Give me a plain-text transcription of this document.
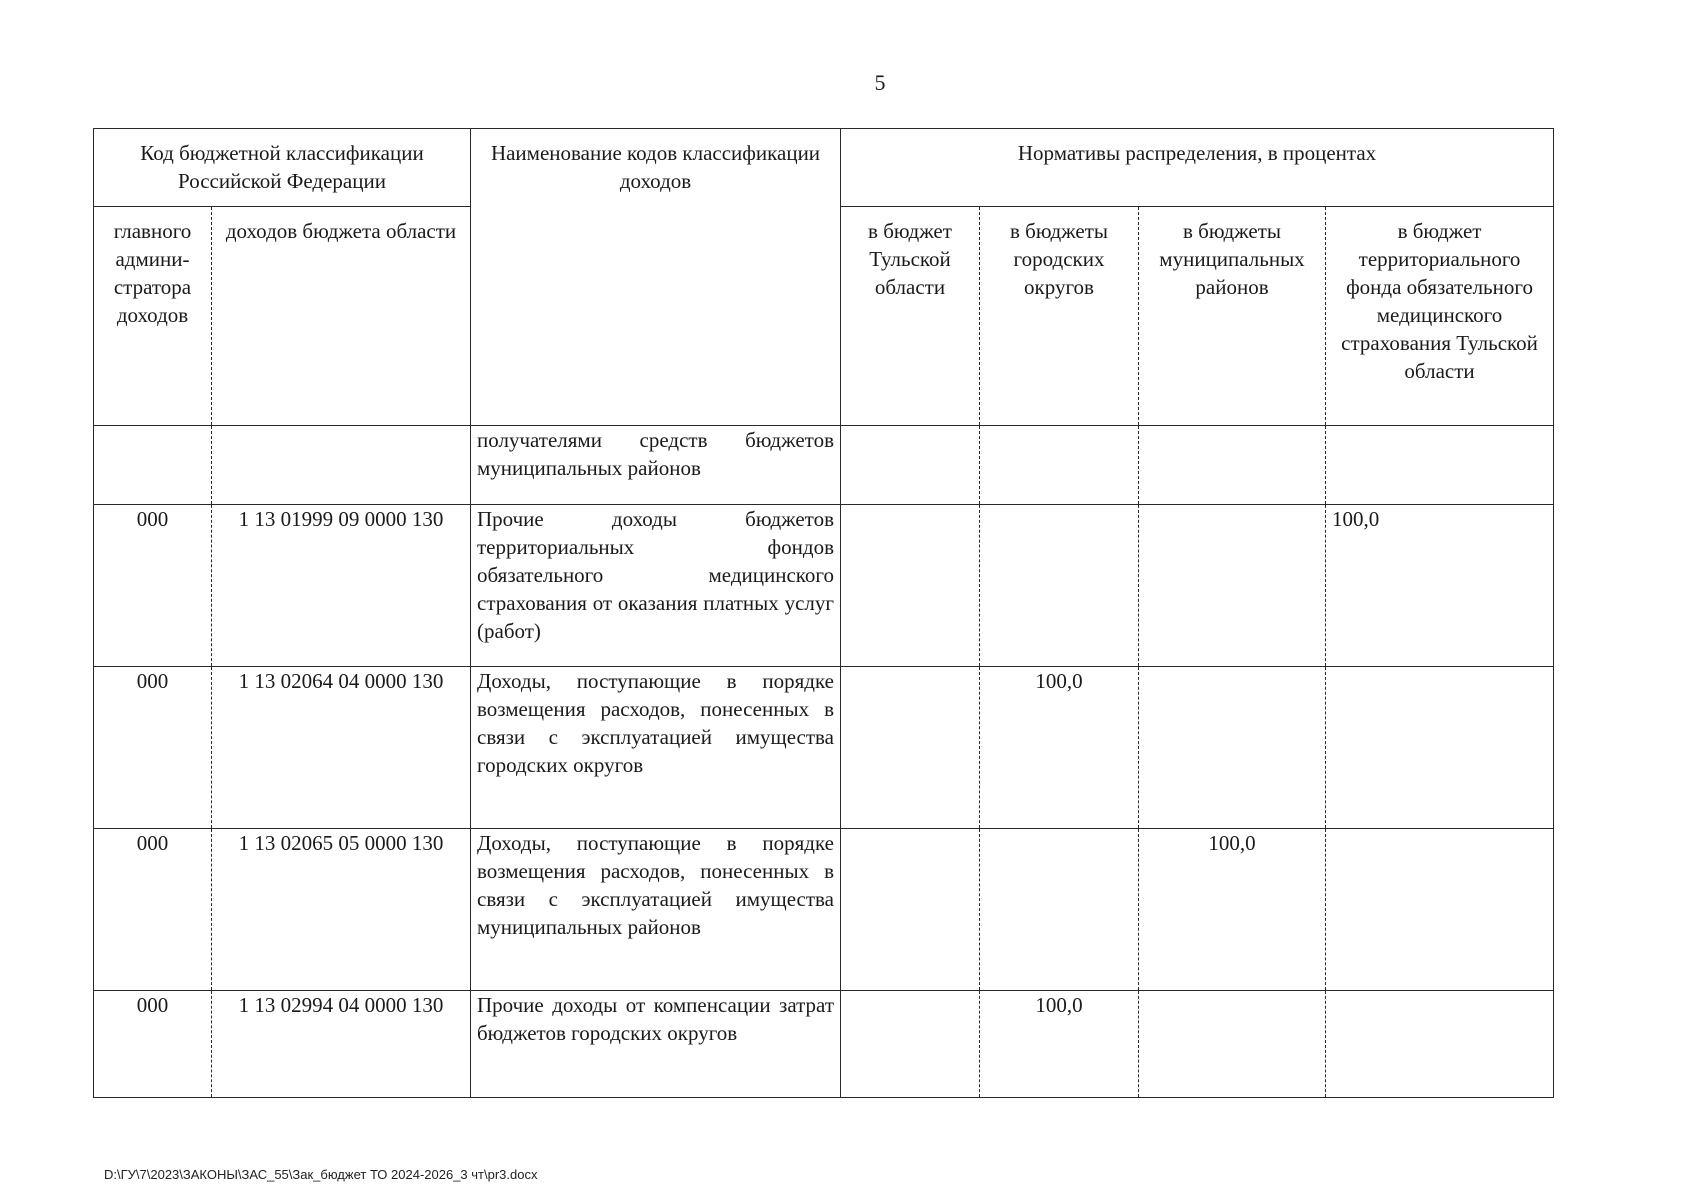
5
Код бюджетной классификации Российской Федерации		Наименование кодов классификации доходов	Нормативы распределения, в процентах			
главного админи-стратора доходов	доходов бюджета области		в бюджет Тульской области	в бюджеты городских округов	в бюджеты муниципальных районов	в бюджет территориального фонда обязательного медицинского страхования Тульской области
		получателями средств бюджетов муниципальных районов				
000	1 13 01999 09 0000 130	Прочие доходы бюджетов территориальных фондов обязательного медицинского страхования от оказания платных услуг (работ)				100,0
000	1 13 02064 04 0000 130	Доходы, поступающие в порядке возмещения расходов, понесенных в связи с эксплуатацией имущества городских округов		100,0		
000	1 13 02065 05 0000 130	Доходы, поступающие в порядке возмещения расходов, понесенных в связи с эксплуатацией имущества муниципальных районов			100,0	
000	1 13 02994 04 0000 130	Прочие доходы от компенсации затрат бюджетов городских округов		100,0		
D:\ГУ\7\2023\ЗАКОНЫ\ЗАС_55\Зак_бюджет ТО 2024-2026_3 чт\pr3.docx
